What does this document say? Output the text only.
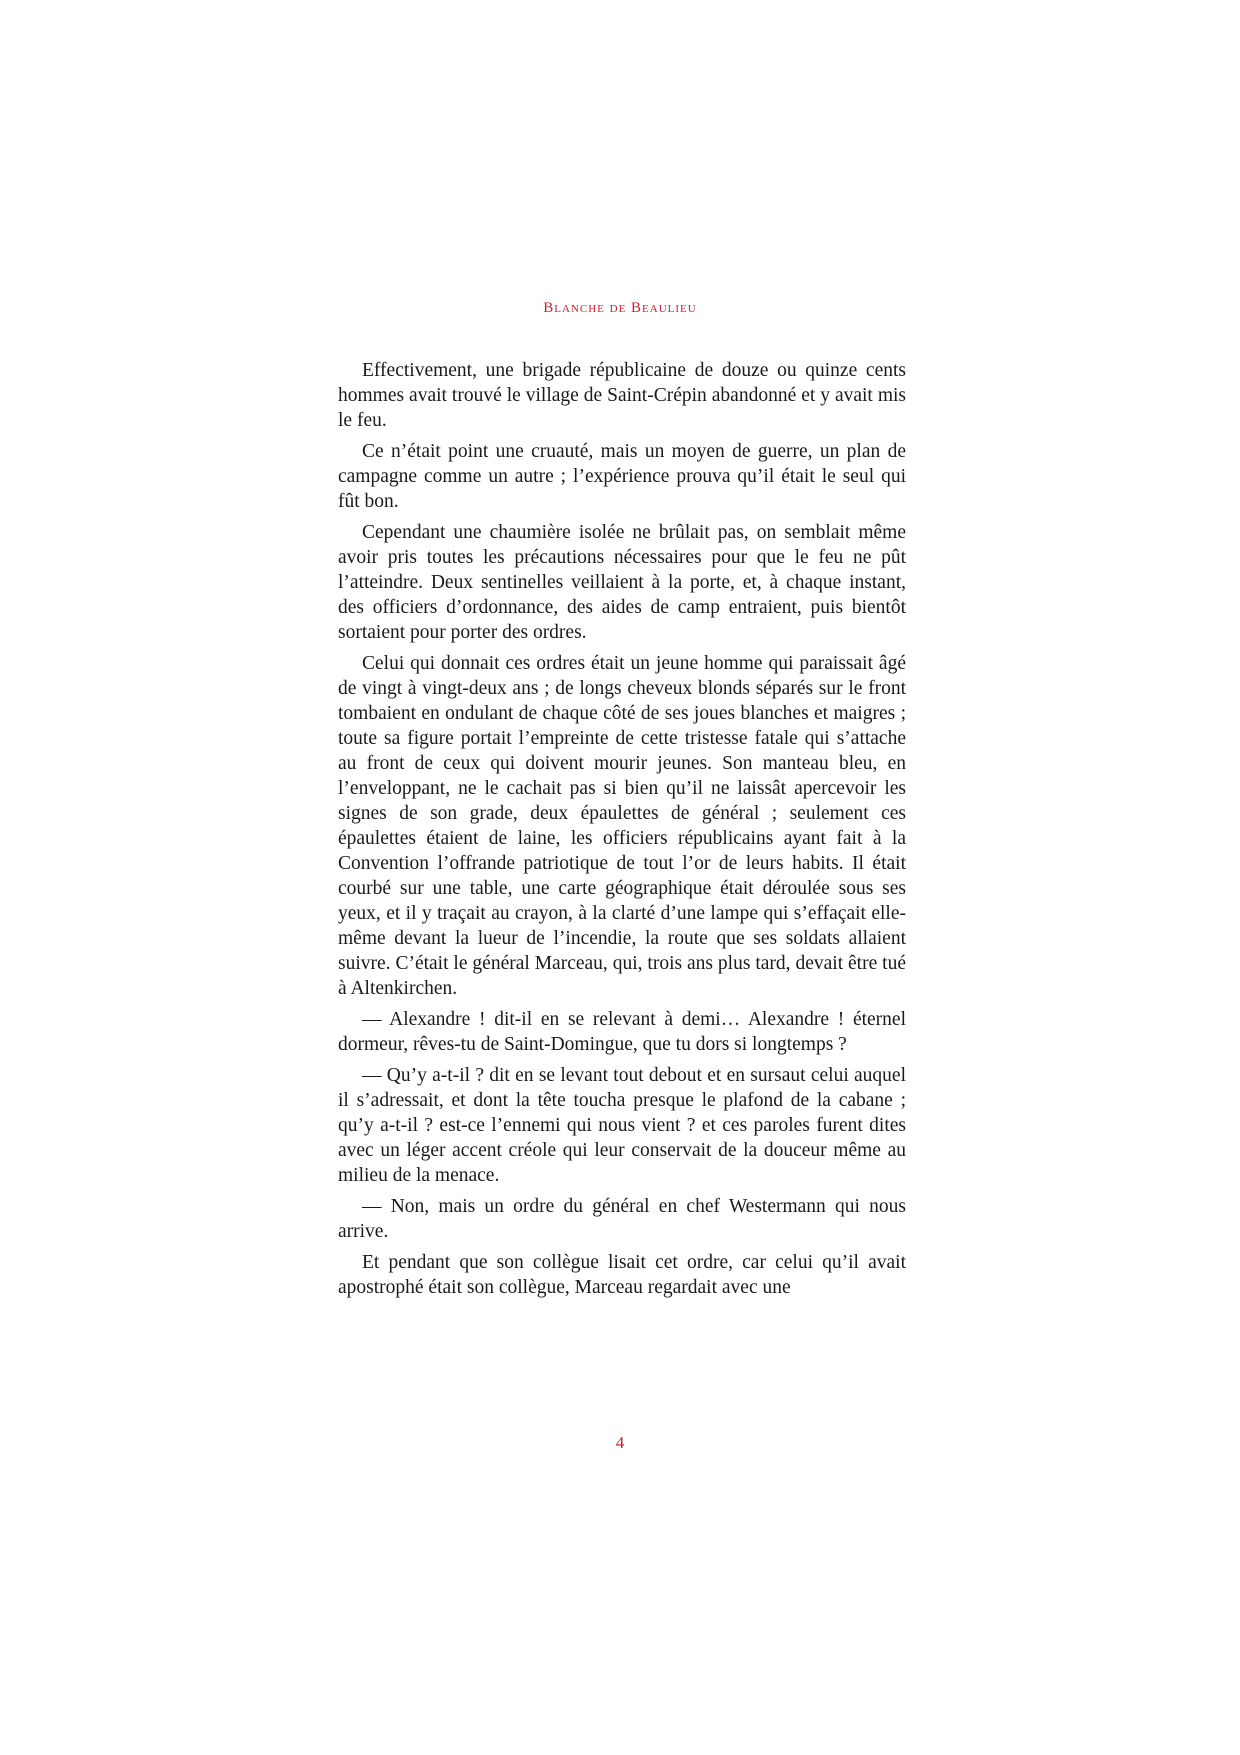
Blanche de Beaulieu

Effectivement, une brigade républicaine de douze ou quinze cents hommes avait trouvé le village de Saint-Crépin abandonné et y avait mis le feu.

Ce n’était point une cruauté, mais un moyen de guerre, un plan de campagne comme un autre ; l’expérience prouva qu’il était le seul qui fût bon.

Cependant une chaumière isolée ne brûlait pas, on semblait même avoir pris toutes les précautions nécessaires pour que le feu ne pût l’atteindre. Deux sentinelles veillaient à la porte, et, à chaque instant, des officiers d’ordonnance, des aides de camp entraient, puis bientôt sortaient pour porter des ordres.

Celui qui donnait ces ordres était un jeune homme qui paraissait âgé de vingt à vingt-deux ans ; de longs cheveux blonds séparés sur le front tombaient en ondulant de chaque côté de ses joues blanches et maigres ; toute sa figure portait l’empreinte de cette tristesse fatale qui s’attache au front de ceux qui doivent mourir jeunes. Son manteau bleu, en l’enveloppant, ne le cachait pas si bien qu’il ne laissât apercevoir les signes de son grade, deux épaulettes de général ; seulement ces épaulettes étaient de laine, les officiers républicains ayant fait à la Convention l’offrande patriotique de tout l’or de leurs habits. Il était courbé sur une table, une carte géographique était déroulée sous ses yeux, et il y traçait au crayon, à la clarté d’une lampe qui s’effaçait elle-même devant la lueur de l’incendie, la route que ses soldats allaient suivre. C’était le général Marceau, qui, trois ans plus tard, devait être tué à Altenkirchen.

— Alexandre ! dit-il en se relevant à demi… Alexandre ! éternel dormeur, rêves-tu de Saint-Domingue, que tu dors si longtemps ?

— Qu’y a-t-il ? dit en se levant tout debout et en sursaut celui auquel il s’adressait, et dont la tête toucha presque le plafond de la cabane ; qu’y a-t-il ? est-ce l’ennemi qui nous vient ? et ces paroles furent dites avec un léger accent créole qui leur conservait de la douceur même au milieu de la menace.

— Non, mais un ordre du général en chef Westermann qui nous arrive.

Et pendant que son collègue lisait cet ordre, car celui qu’il avait apostrophé était son collègue, Marceau regardait avec une

4
